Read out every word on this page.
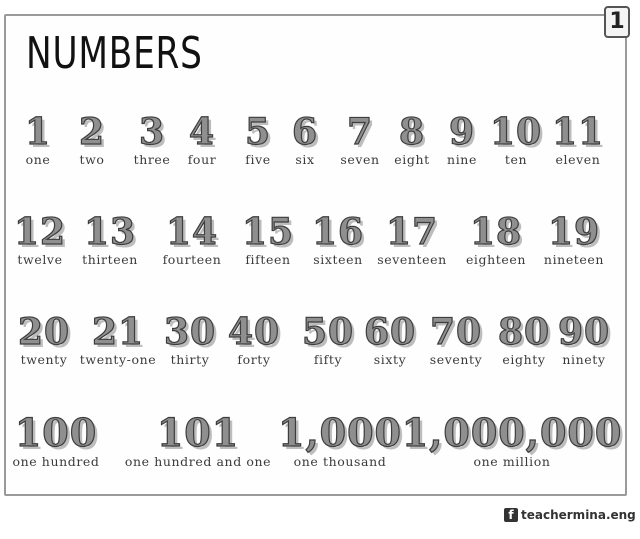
NUMBERS
1
1
one
2
two
3
three
4
four
5
five
6
six
7
seven
8
eight
9
nine
10
ten
11
eleven
12
twelve
13
thirteen
14
fourteen
15
fifteen
16
sixteen
17
seventeen
18
eighteen
19
nineteen
20
twenty
21
twenty-one
30
thirty
40
forty
50
fifty
60
sixty
70
seventy
80
eighty
90
ninety
100
one hundred
101
one hundred and one
1,000
one thousand
1,000,000
one million
f teachermina.eng
